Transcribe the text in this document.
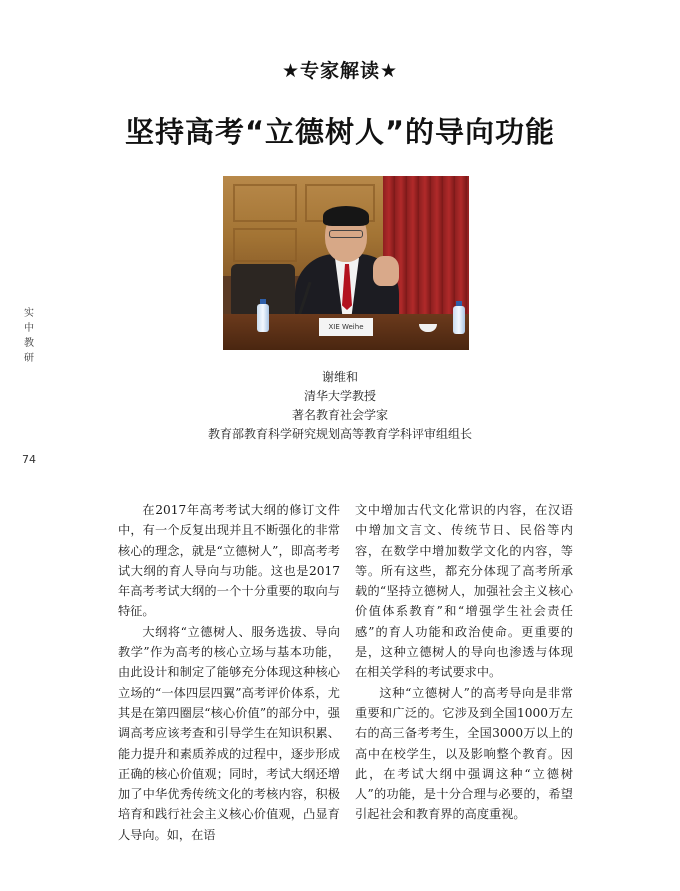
★专家解读★
坚持高考“立德树人”的导向功能
实
中
教
研
74
XIE Weihe
谢维和
清华大学教授
著名教育社会学家
教育部教育科学研究规划高等教育学科评审组组长

在2017年高考考试大纲的修订文件中，有一个反复出现并且不断强化的非常核心的理念，就是“立德树人”，即高考考试大纲的育人导向与功能。这也是2017年高考考试大纲的一个十分重要的取向与特征。

大纲将“立德树人、服务选拔、导向教学”作为高考的核心立场与基本功能，由此设计和制定了能够充分体现这种核心立场的“一体四层四翼”高考评价体系，尤其是在第四圈层“核心价值”的部分中，强调高考应该考查和引导学生在知识积累、能力提升和素质养成的过程中，逐步形成正确的核心价值观；同时，考试大纲还增加了中华优秀传统文化的考核内容，积极培育和践行社会主义核心价值观，凸显育人导向。如，在语

文中增加古代文化常识的内容，在汉语中增加文言文、传统节日、民俗等内容，在数学中增加数学文化的内容，等等。所有这些，都充分体现了高考所承载的“坚持立德树人，加强社会主义核心价值体系教育”和“增强学生社会责任感”的育人功能和政治使命。更重要的是，这种立德树人的导向也渗透与体现在相关学科的考试要求中。

这种“立德树人”的高考导向是非常重要和广泛的。它涉及到全国1000万左右的高三备考考生，全国3000万以上的高中在校学生，以及影响整个教育。因此，在考试大纲中强调这种“立德树人”的功能，是十分合理与必要的，希望引起社会和教育界的高度重视。
